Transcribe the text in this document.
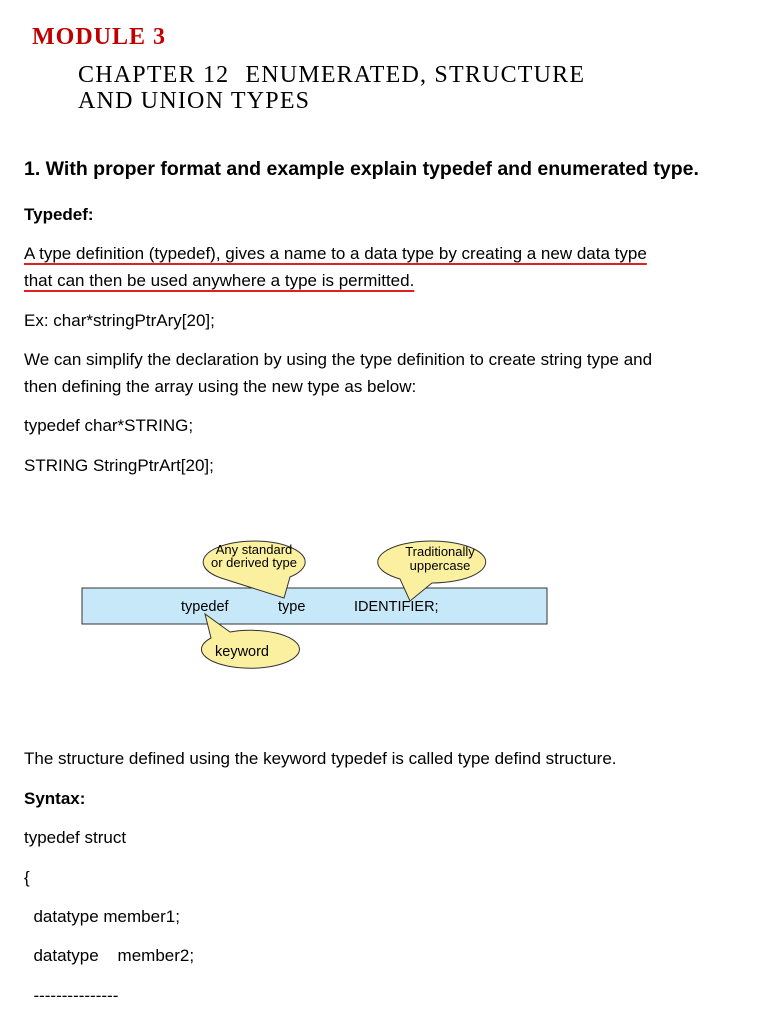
MODULE 3
CHAPTER 12 ENUMERATED, STRUCTURE
AND UNION TYPES
1. With proper format and example explain typedef and enumerated type.
Typedef:
A type definition (typedef), gives a name to a data type by creating a new data type
that can then be used anywhere a type is permitted.
Ex: char*stringPtrAry[20];
We can simplify the declaration by using the type definition to create string type and
then defining the array using the new type as below:
typedef char*STRING;
STRING StringPtrArt[20];
Any standard
or derived type
Traditionally
uppercase
keyword
typedef	type	IDENTIFIER;
The structure defined using the keyword typedef is called type defind structure.
Syntax:
typedef struct
{
datatype member1;
datatype    member2;
---------------
